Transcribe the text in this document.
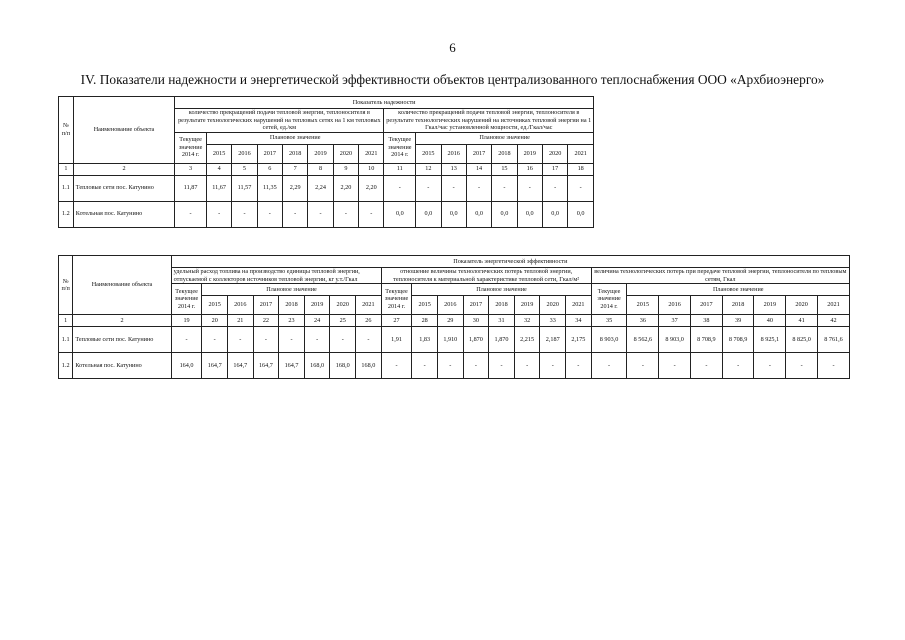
6
IV. Показатели надежности и энергетической эффективности объектов централизованного теплоснабжения ООО «Архбиоэнерго»
№ п/п	Наименование объекта	Показатель надежности															
		количество прекращений подачи тепловой энергии, теплоносителя в результате технологических нарушений на тепловых сетях на 1 км тепловых сетей, ед./км								количество прекращений подачи тепловой энергии, теплоносителя в результате технологических нарушений на источниках тепловой энергии на 1 Гкал/час установленной мощности, ед./Гкал/час							
		Текущее значение 2014 г.	Плановое значение							Текущее значение 2014 г.	Плановое значение						
			2015	2016	2017	2018	2019	2020	2021		2015	2016	2017	2018	2019	2020	2021
1	2	3	4	5	6	7	8	9	10	11	12	13	14	15	16	17	18
1.1	Тепловые сети пос. Катунино	11,87	11,67	11,57	11,35	2,29	2,24	2,20	2,20	-	-	-	-	-	-	-	-
1.2	Котельная пос. Катунино	-	-	-	-	-	-	-	-	0,0	0,0	0,0	0,0	0,0	0,0	0,0	0,0
№ п/п	Наименование объекта	Показатель энергетической эффективности																							
		удельный расход топлива на производство единицы тепловой энергии, отпускаемой с коллекторов источников тепловой энергии, кг у.т./Гкал								отношение величины технологических потерь тепловой энергии, теплоносителя к материальной характеристике тепловой сети, Гкал/м²								величина технологических потерь при передаче тепловой энергии, теплоносителя по тепловым сетям, Гкал							
		Текущее значение 2014 г.	Плановое значение							Текущее значение 2014 г.	Плановое значение							Текущее значение 2014 г.	Плановое значение						
			2015	2016	2017	2018	2019	2020	2021		2015	2016	2017	2018	2019	2020	2021		2015	2016	2017	2018	2019	2020	2021
1	2	19	20	21	22	23	24	25	26	27	28	29	30	31	32	33	34	35	36	37	38	39	40	41	42
1.1	Тепловые сети пос. Катунино	-	-	-	-	-	-	-	-	1,91	1,83	1,910	1,870	1,870	2,215	2,187	2,175	8 903,0	8 562,6	8 903,0	8 708,9	8 708,9	8 925,1	8 825,0	8 761,6
1.2	Котельная пос. Катунино	164,0	164,7	164,7	164,7	164,7	168,0	168,0	168,0	-	-	-	-	-	-	-	-	-	-	-	-	-	-	-	-
